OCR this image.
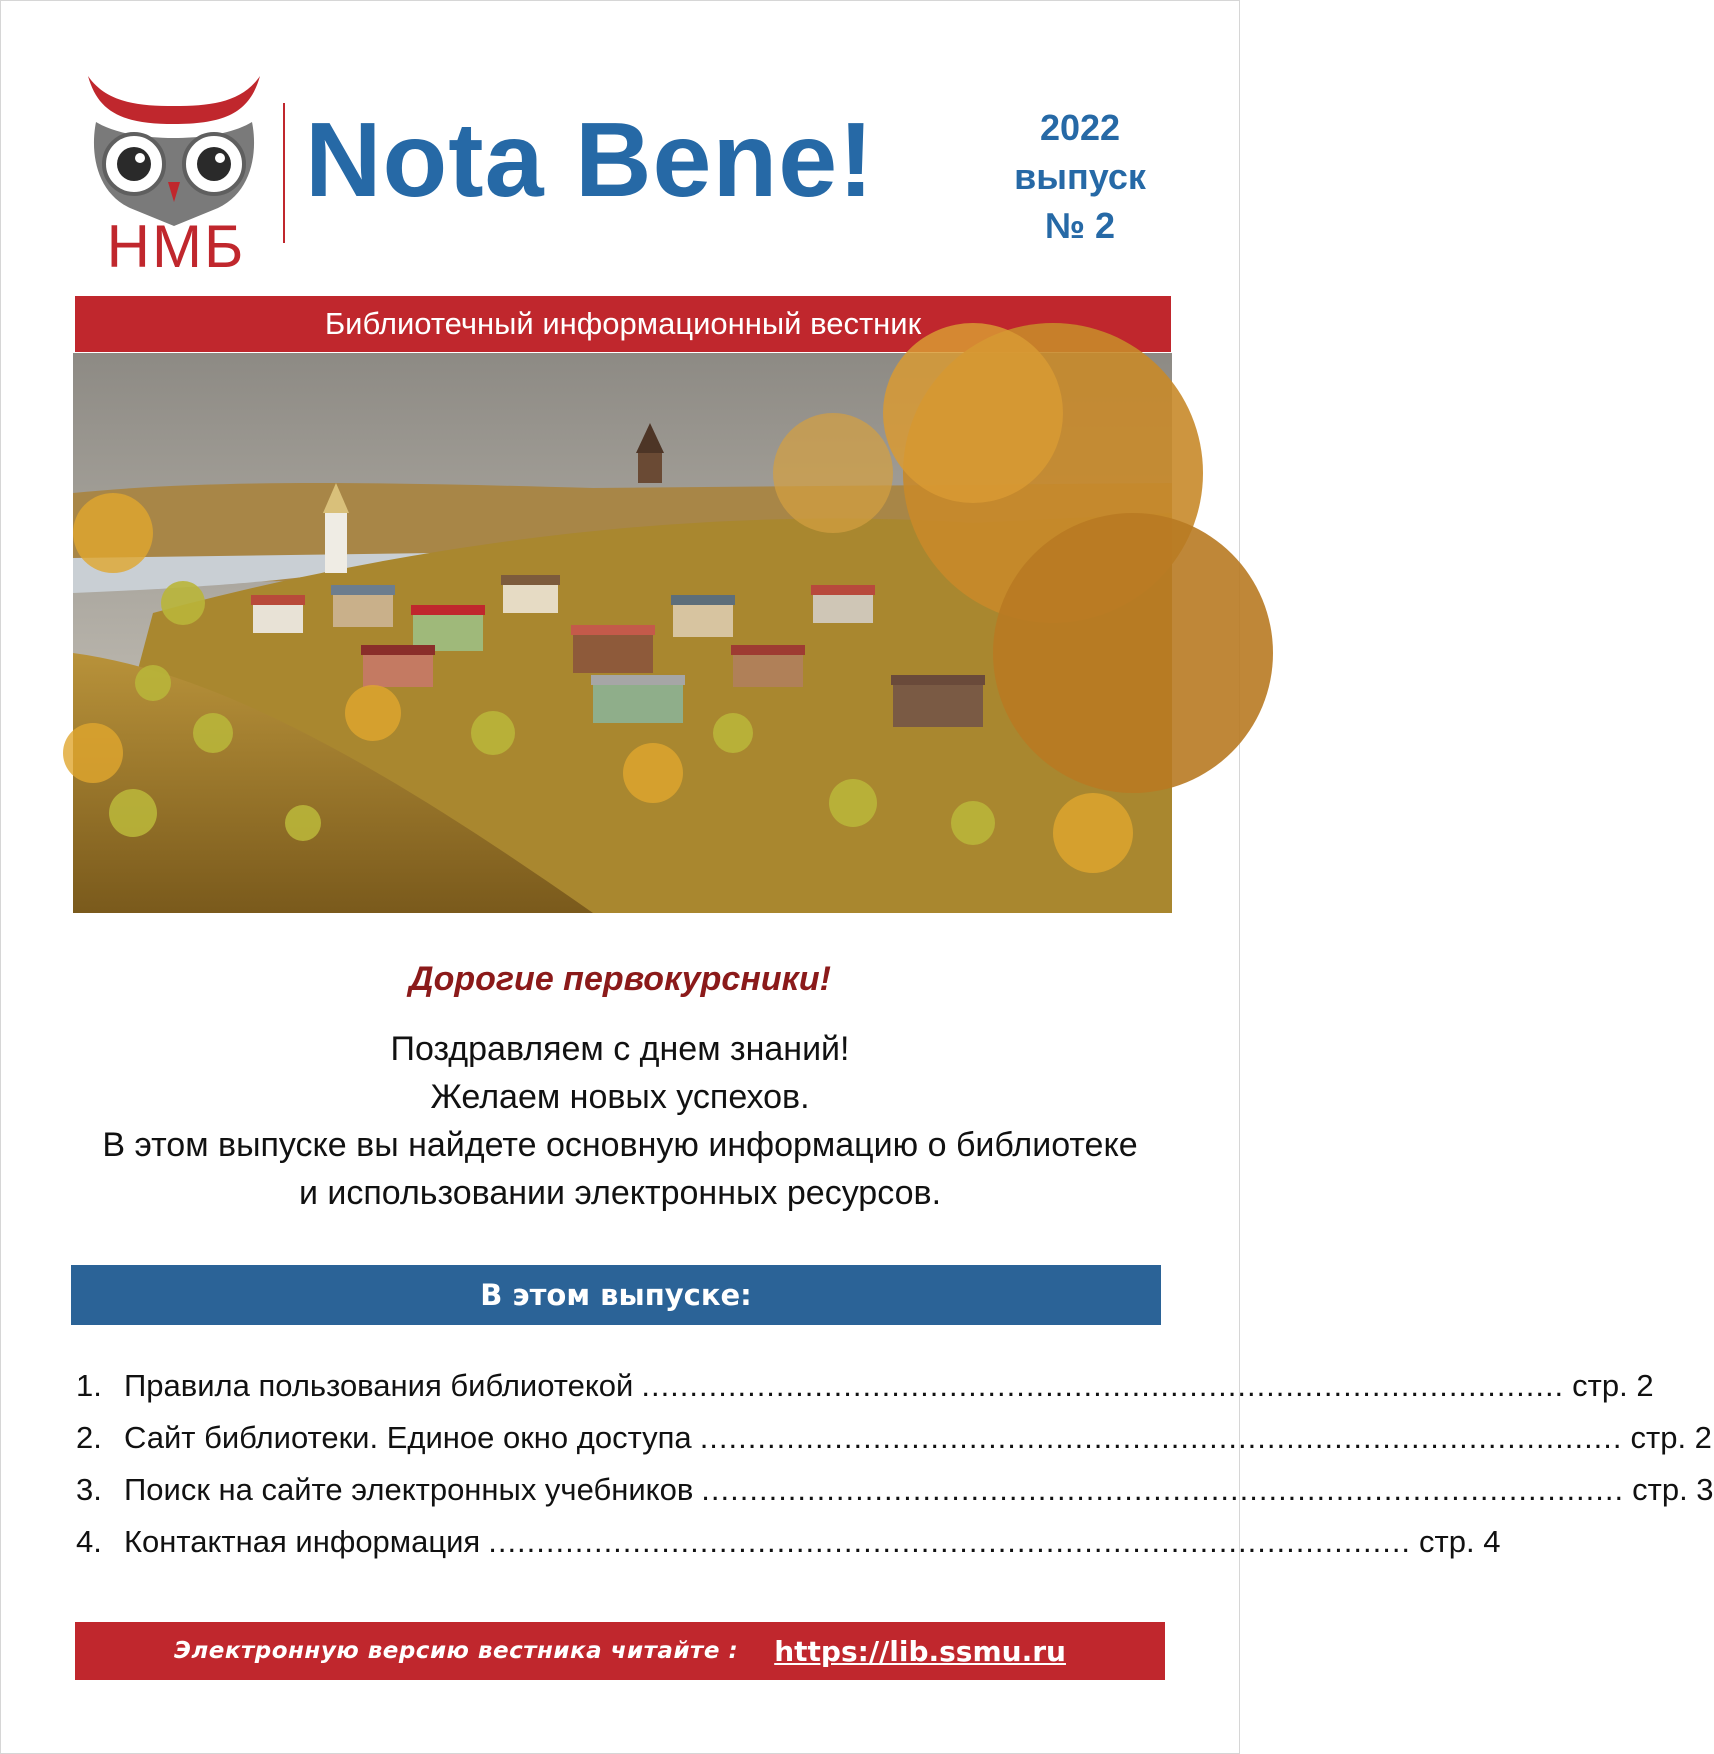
НМБ
Nota Bene!	2022
выпуск
№ 2
Библиотечный информационный вестник
Дорогие первокурсники!
Поздравляем с днем знаний!
Желаем новых успехов.
В этом выпуске вы найдете основную информацию о библиотеке
и использовании электронных ресурсов.
В этом выпуске:
1. Правила пользования библиотекой ................................................................................................ стр. 2
2. Сайт библиотеки. Единое окно доступа ................................................................................................ стр. 2
3. Поиск на сайте электронных учебников ................................................................................................ стр. 3
4. Контактная информация ................................................................................................ стр. 4
Электронную версию вестника читайте : https://lib.ssmu.ru
